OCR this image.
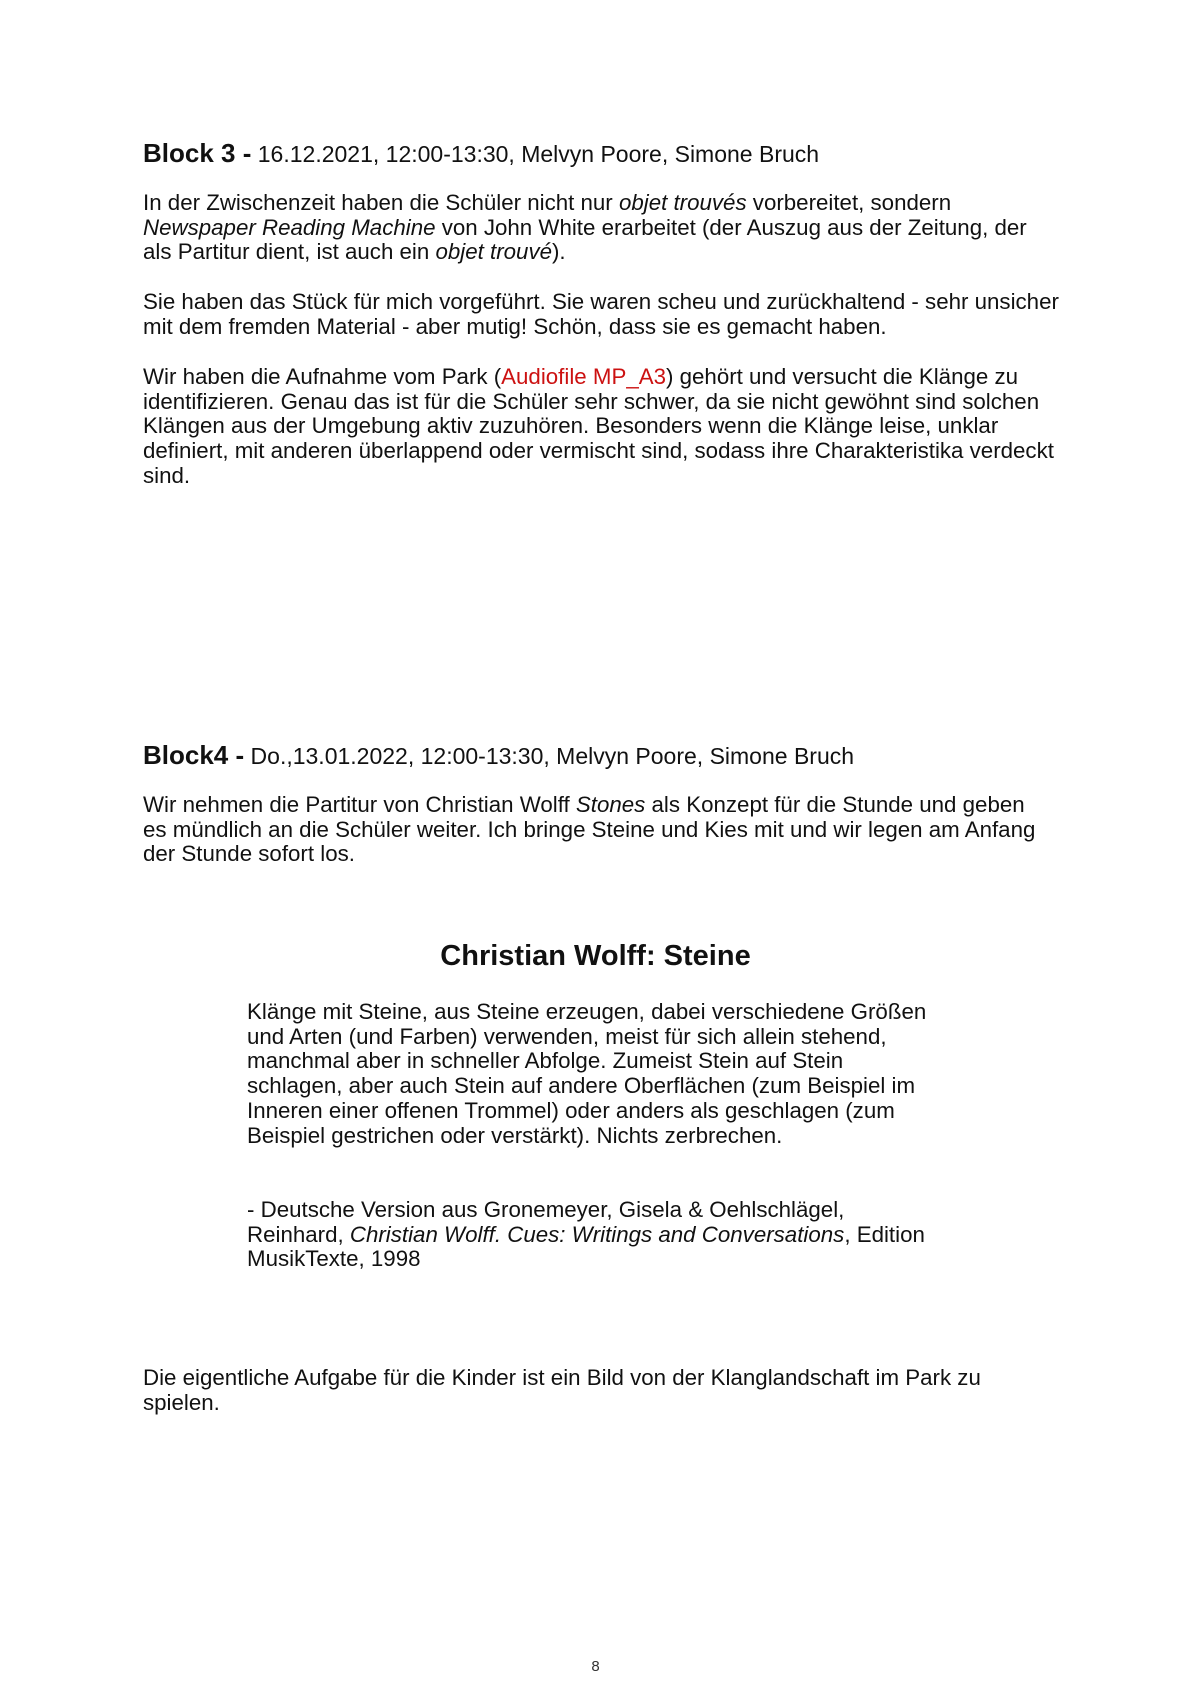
Block 3 - 16.12.2021, 12:00-13:30, Melvyn Poore, Simone Bruch

In der Zwischenzeit haben die Schüler nicht nur objet trouvés vorbereitet, sondern Newspaper Reading Machine von John White erarbeitet (der Auszug aus der Zeitung, der als Partitur dient, ist auch ein objet trouvé).

Sie haben das Stück für mich vorgeführt. Sie waren scheu und zurückhaltend - sehr unsicher mit dem fremden Material - aber mutig! Schön, dass sie es gemacht haben.

Wir haben die Aufnahme vom Park (Audiofile MP_A3) gehört und versucht die Klänge zu identifizieren. Genau das ist für die Schüler sehr schwer, da sie nicht gewöhnt sind solchen Klängen aus der Umgebung aktiv zuzuhören. Besonders wenn die Klänge leise, unklar definiert, mit anderen überlappend oder vermischt sind, sodass ihre Charakteristika verdeckt sind.

Block4 - Do.,13.01.2022, 12:00-13:30, Melvyn Poore, Simone Bruch

Wir nehmen die Partitur von Christian Wolff Stones als Konzept für die Stunde und geben es mündlich an die Schüler weiter. Ich bringe Steine und Kies mit und wir legen am Anfang der Stunde sofort los.

Christian Wolff: Steine

Klänge mit Steine, aus Steine erzeugen, dabei verschiedene Größen und Arten (und Farben) verwenden, meist für sich allein stehend, manchmal aber in schneller Abfolge. Zumeist Stein auf Stein schlagen, aber auch Stein auf andere Oberflächen (zum Beispiel im Inneren einer offenen Trommel) oder anders als geschlagen (zum Beispiel gestrichen oder verstärkt). Nichts zerbrechen.

- Deutsche Version aus Gronemeyer, Gisela & Oehlschlägel, Reinhard, Christian Wolff. Cues: Writings and Conversations, Edition MusikTexte, 1998

Die eigentliche Aufgabe für die Kinder ist ein Bild von der Klanglandschaft im Park zu spielen.

8
